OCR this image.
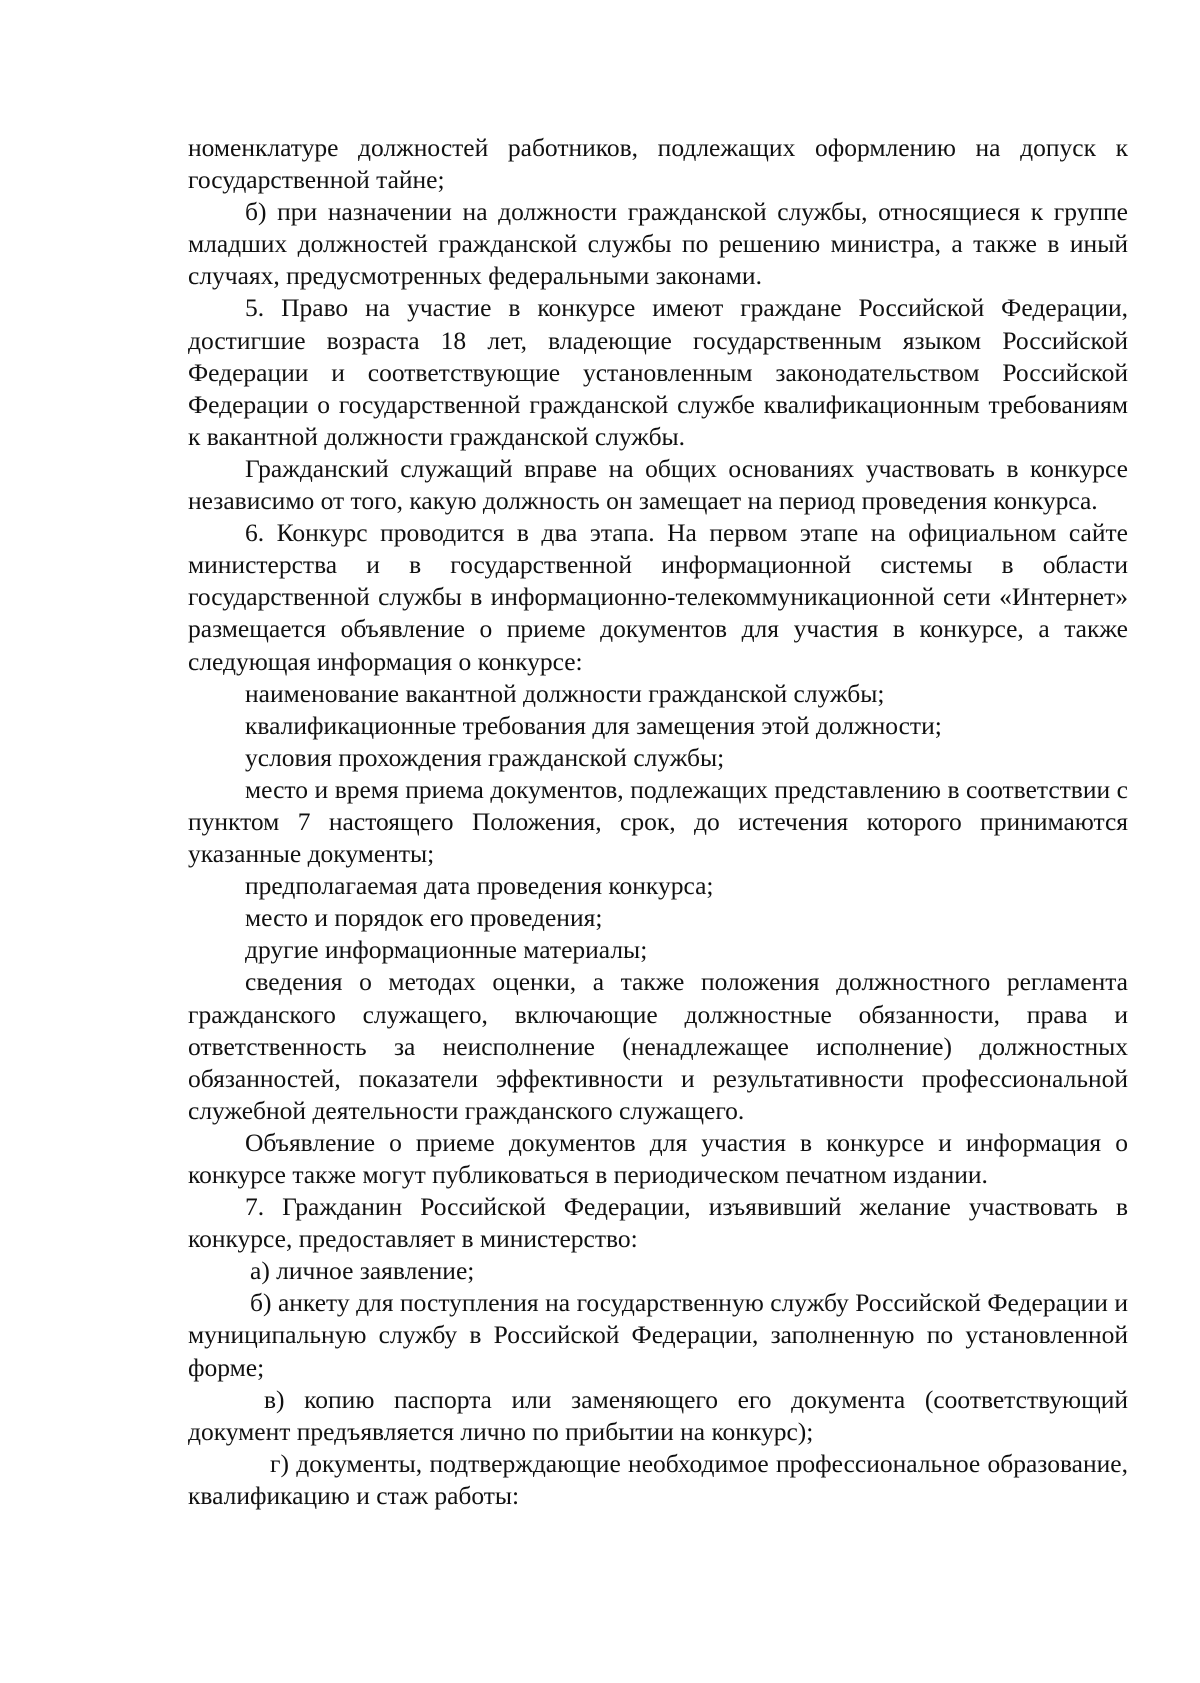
номенклатуре должностей работников, подлежащих оформлению на допуск к государственной тайне;

б) при назначении на должности гражданской службы, относящиеся к группе младших должностей гражданской службы по решению министра, а также в иный случаях, предусмотренных федеральными законами.

5. Право на участие в конкурсе имеют граждане Российской Федерации, достигшие возраста 18 лет, владеющие государственным языком Российской Федерации и соответствующие установленным законодательством Российской Федерации о государственной гражданской службе квалификационным требованиям к вакантной должности гражданской службы.

Гражданский служащий вправе на общих основаниях участвовать в конкурсе независимо от того, какую должность он замещает на период проведения конкурса.

6. Конкурс проводится в два этапа. На первом этапе на официальном сайте министерства и в государственной информационной системы в области государственной службы в информационно-телекоммуникационной сети «Интернет» размещается объявление о приеме документов для участия в конкурсе, а также следующая информация о конкурсе:

наименование вакантной должности гражданской службы;

квалификационные требования для замещения этой должности;

условия прохождения гражданской службы;

место и время приема документов, подлежащих представлению в соответствии с пунктом 7 настоящего Положения, срок, до истечения которого принимаются указанные документы;

предполагаемая дата проведения конкурса;

место и порядок его проведения;

другие информационные материалы;

сведения о методах оценки, а также положения должностного регламента гражданского служащего, включающие должностные обязанности, права и ответственность за неисполнение (ненадлежащее исполнение) должностных обязанностей, показатели эффективности и результативности профессиональной служебной деятельности гражданского служащего.

Объявление о приеме документов для участия в конкурсе и информация о конкурсе также могут публиковаться в периодическом печатном издании.

7. Гражданин Российской Федерации, изъявивший желание участвовать в конкурсе, предоставляет в министерство:

а) личное заявление;

б) анкету для поступления на государственную службу Российской Федерации и муниципальную службу в Российской Федерации, заполненную по установленной форме;

в) копию паспорта или заменяющего его документа (соответствующий документ предъявляется лично по прибытии на конкурс);

г) документы, подтверждающие необходимое профессиональное образование, квалификацию и стаж работы:
